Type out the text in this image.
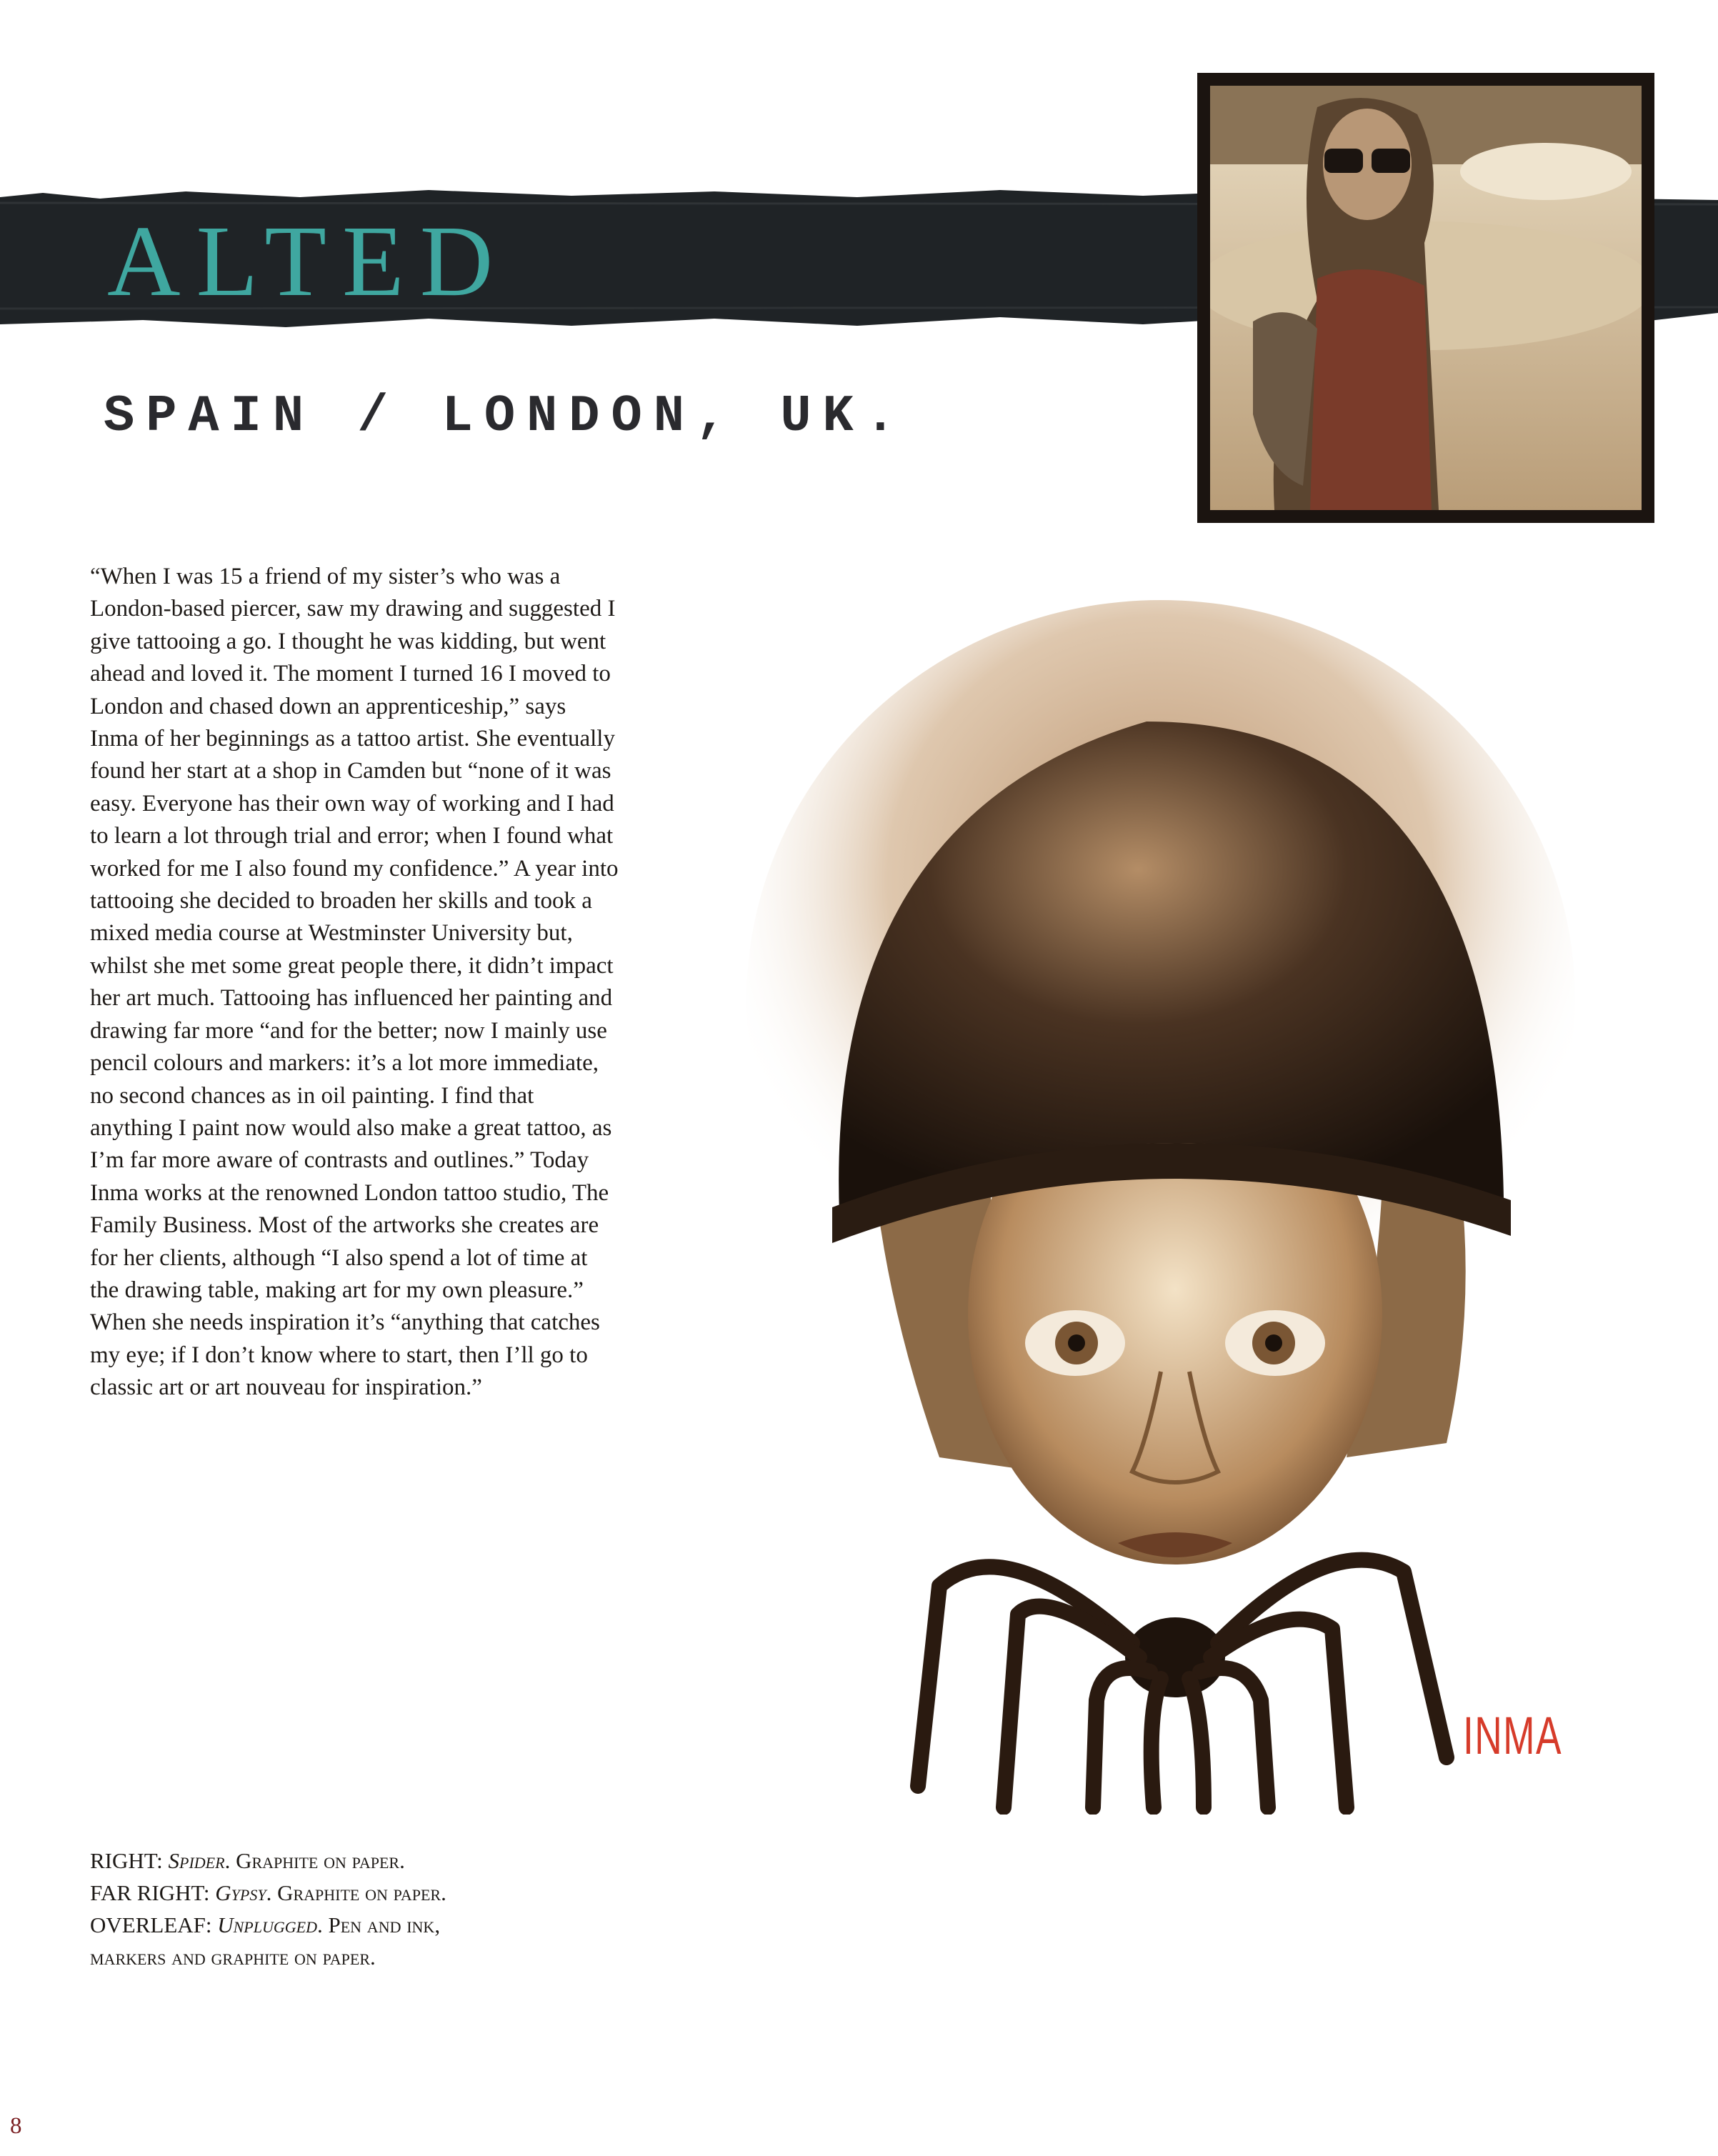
ALTED
SPAIN / LONDON, UK.

“When I was 15 a friend of my sister’s who was a London-based piercer, saw my drawing and suggested I give tattooing a go. I thought he was kidding, but went ahead and loved it. The moment I turned 16 I moved to London and chased down an apprenticeship,” says Inma of her beginnings as a tattoo artist. She eventually found her start at a shop in Camden but “none of it was easy. Everyone has their own way of working and I had to learn a lot through trial and error; when I found what worked for me I also found my confidence.” A year into tattooing she decided to broaden her skills and took a mixed media course at Westminster University but, whilst she met some great people there, it didn’t impact her art much. Tattooing has influenced her painting and drawing far more “and for the better; now I mainly use pencil colours and markers: it’s a lot more immediate, no second chances as in oil painting. I find that anything I paint now would also make a great tattoo, as I’m far more aware of contrasts and outlines.” Today Inma works at the renowned London tattoo studio, The Family Business. Most of the artworks she creates are for her clients, although “I also spend a lot of time at the drawing table, making art for my own pleasure.” When she needs inspiration it’s “anything that catches my eye; if I don’t know where to start, then I’ll go to classic art or art nouveau for inspiration.”

INMA

RIGHT: Spider. Graphite on paper.
FAR RIGHT: Gypsy. Graphite on paper.
OVERLEAF: Unplugged. Pen and ink,
markers and graphite on paper.

8
